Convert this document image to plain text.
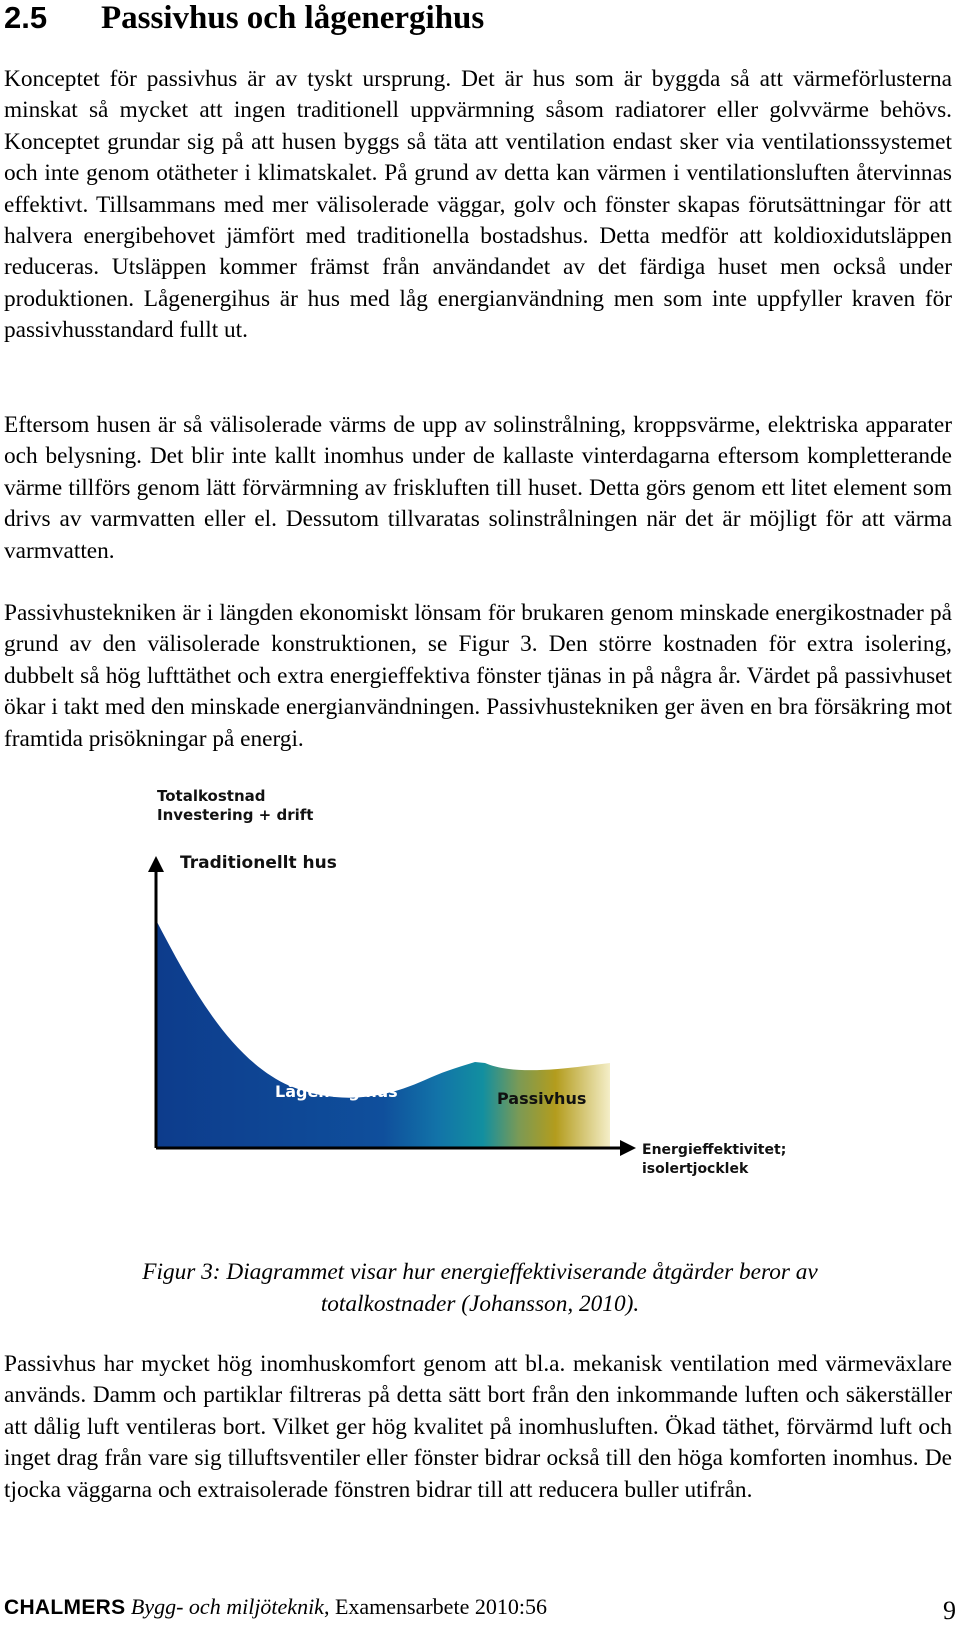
2.5 Passivhus och lågenergihus

Konceptet för passivhus är av tyskt ursprung. Det är hus som är byggda så att värmeförlusterna minskat så mycket att ingen traditionell uppvärmning såsom radiatorer eller golvvärme behövs. Konceptet grundar sig på att husen byggs så täta att ventilation endast sker via ventilationssystemet och inte genom otätheter i klimatskalet. På grund av detta kan värmen i ventilationsluften återvinnas effektivt. Tillsammans med mer välisolerade väggar, golv och fönster skapas förutsättningar för att halvera energibehovet jämfört med traditionella bostadshus. Detta medför att koldioxidutsläppen reduceras. Utsläppen kommer främst från användandet av det färdiga huset men också under produktionen. Lågenergihus är hus med låg energianvändning men som inte uppfyller kraven för passivhusstandard fullt ut.

Eftersom husen är så välisolerade värms de upp av solinstrålning, kroppsvärme, elektriska apparater och belysning. Det blir inte kallt inomhus under de kallaste vinterdagarna eftersom kompletterande värme tillförs genom lätt förvärmning av friskluften till huset. Detta görs genom ett litet element som drivs av varmvatten eller el. Dessutom tillvaratas solinstrålningen när det är möjligt för att värma varmvatten.

Passivhustekniken är i längden ekonomiskt lönsam för brukaren genom minskade energikostnader på grund av den välisolerade konstruktionen, se Figur 3. Den större kostnaden för extra isolering, dubbelt så hög lufttäthet och extra energieffektiva fönster tjänas in på några år. Värdet på passivhuset ökar i takt med den minskade energianvändningen. Passivhustekniken ger även en bra försäkring mot framtida prisökningar på energi.

Totalkostnad
Investering + drift
Traditionellt hus
Lågenergihus	Passivhus
Energieffektivitet;
isolertjocklek
Figur 3: Diagrammet visar hur energieffektiviserande åtgärder beror av
totalkostnader (Johansson, 2010).

Passivhus har mycket hög inomhuskomfort genom att bl.a. mekanisk ventilation med värmeväxlare används. Damm och partiklar filtreras på detta sätt bort från den inkommande luften och säkerställer att dålig luft ventileras bort. Vilket ger hög kvalitet på inomhusluften. Ökad täthet, förvärmd luft och inget drag från vare sig tilluftsventiler eller fönster bidrar också till den höga komforten inomhus. De tjocka väggarna och extraisolerade fönstren bidrar till att reducera buller utifrån.

CHALMERS Bygg- och miljöteknik, Examensarbete 2010:56	9
